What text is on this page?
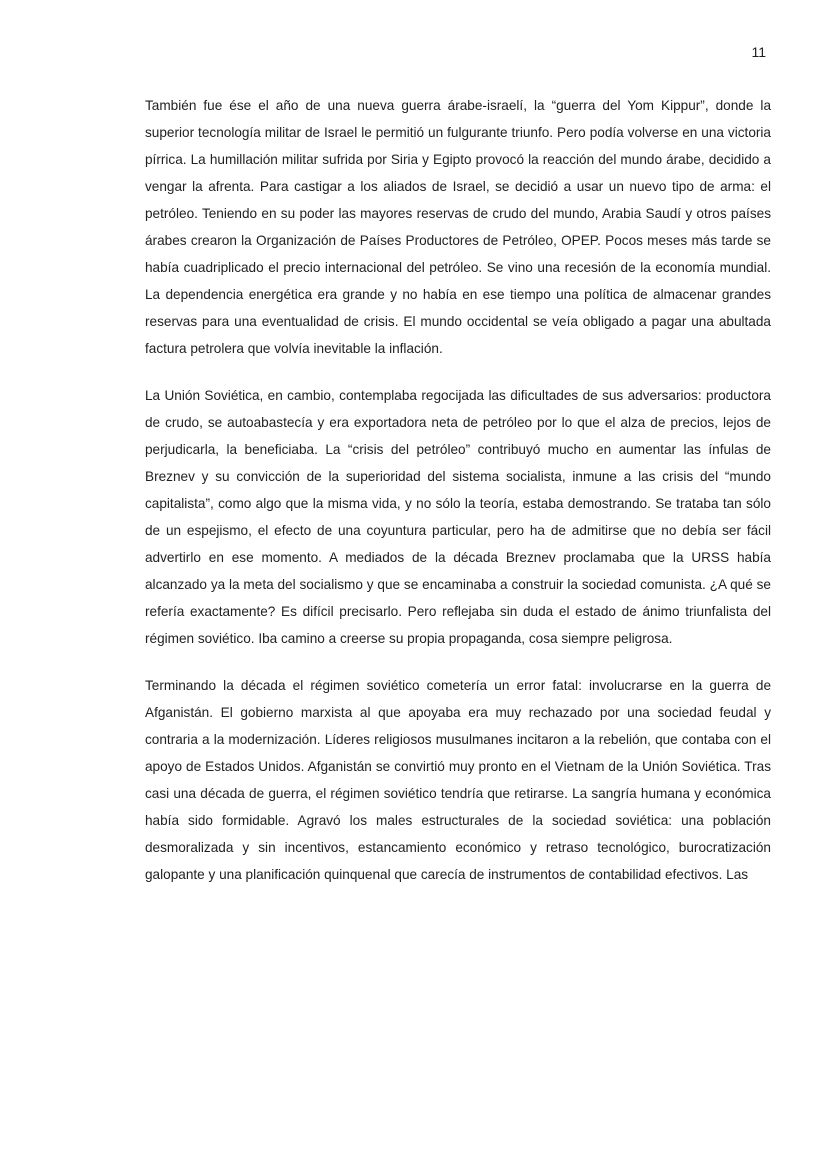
11

También fue ése el año de una nueva guerra árabe-israelí, la “guerra del Yom Kippur”, donde la superior tecnología militar de Israel le permitió un fulgurante triunfo. Pero podía volverse en una victoria pírrica. La humillación militar sufrida por Siria y Egipto provocó la reacción del mundo árabe, decidido a vengar la afrenta. Para castigar a los aliados de Israel, se decidió a usar un nuevo tipo de arma: el petróleo. Teniendo en su poder las mayores reservas de crudo del mundo, Arabia Saudí y otros países árabes crearon la Organización de Países Productores de Petróleo, OPEP. Pocos meses más tarde se había cuadriplicado el precio internacional del petróleo. Se vino una recesión de la economía mundial. La dependencia energética era grande y no había en ese tiempo una política de almacenar grandes reservas para una eventualidad de crisis. El mundo occidental se veía obligado a pagar una abultada factura petrolera que volvía inevitable la inflación.

La Unión Soviética, en cambio, contemplaba regocijada las dificultades de sus adversarios: productora de crudo, se autoabastecía y era exportadora neta de petróleo por lo que el alza de precios, lejos de perjudicarla, la beneficiaba. La “crisis del petróleo” contribuyó mucho en aumentar las ínfulas de Breznev y su convicción de la superioridad del sistema socialista, inmune a las crisis del “mundo capitalista”, como algo que la misma vida, y no sólo la teoría, estaba demostrando. Se trataba tan sólo de un espejismo, el efecto de una coyuntura particular, pero ha de admitirse que no debía ser fácil advertirlo en ese momento. A mediados de la década Breznev proclamaba que la URSS había alcanzado ya la meta del socialismo y que se encaminaba a construir la sociedad comunista. ¿A qué se refería exactamente? Es difícil precisarlo. Pero reflejaba sin duda el estado de ánimo triunfalista del régimen soviético. Iba camino a creerse su propia propaganda, cosa siempre peligrosa.

Terminando la década el régimen soviético cometería un error fatal: involucrarse en la guerra de Afganistán. El gobierno marxista al que apoyaba era muy rechazado por una sociedad feudal y contraria a la modernización. Líderes religiosos musulmanes incitaron a la rebelión, que contaba con el apoyo de Estados Unidos. Afganistán se convirtió muy pronto en el Vietnam de la Unión Soviética. Tras casi una década de guerra, el régimen soviético tendría que retirarse. La sangría humana y económica había sido formidable. Agravó los males estructurales de la sociedad soviética: una población desmoralizada y sin incentivos, estancamiento económico y retraso tecnológico, burocratización galopante y una planificación quinquenal que carecía de instrumentos de contabilidad efectivos. Las
